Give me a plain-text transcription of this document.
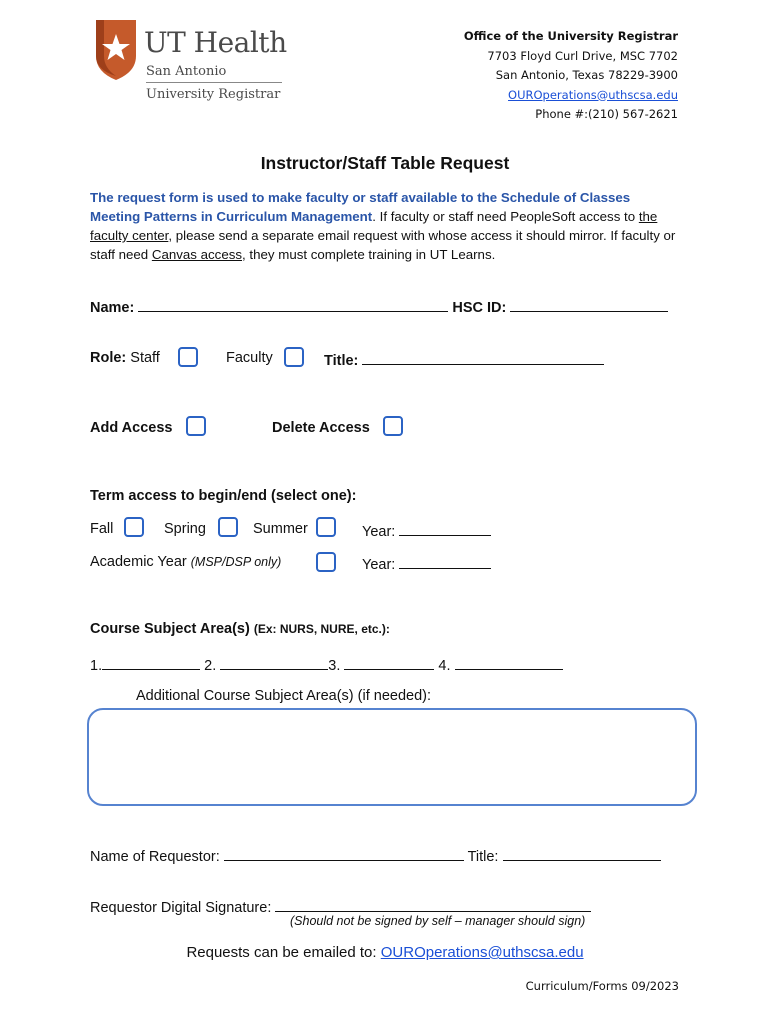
UT Health
San Antonio
University Registrar
Office of the University Registrar
7703 Floyd Curl Drive, MSC 7702
San Antonio, Texas 78229-3900
OUROperations@uthscsa.edu
Phone #:(210) 567-2621
Instructor/Staff Table Request
The request form is used to make faculty or staff available to the Schedule of Classes Meeting Patterns in Curriculum Management. If faculty or staff need PeopleSoft access to the faculty center, please send a separate email request with whose access it should mirror. If faculty or staff need Canvas access, they must complete training in UT Learns.
Name:	HSC ID:
Role: Staff	Faculty	Title:
Add Access	Delete Access
Term access to begin/end (select one):
Fall	Spring	Summer	Year:
Academic Year (MSP/DSP only)	Year:
Course Subject Area(s) (Ex: NURS, NURE, etc.):
1.	2.	3.	4.
Additional Course Subject Area(s) (if needed):
Name of Requestor:	Title:
Requestor Digital Signature:
(Should not be signed by self – manager should sign)
Requests can be emailed to: OUROperations@uthscsa.edu
Curriculum/Forms 09/2023
